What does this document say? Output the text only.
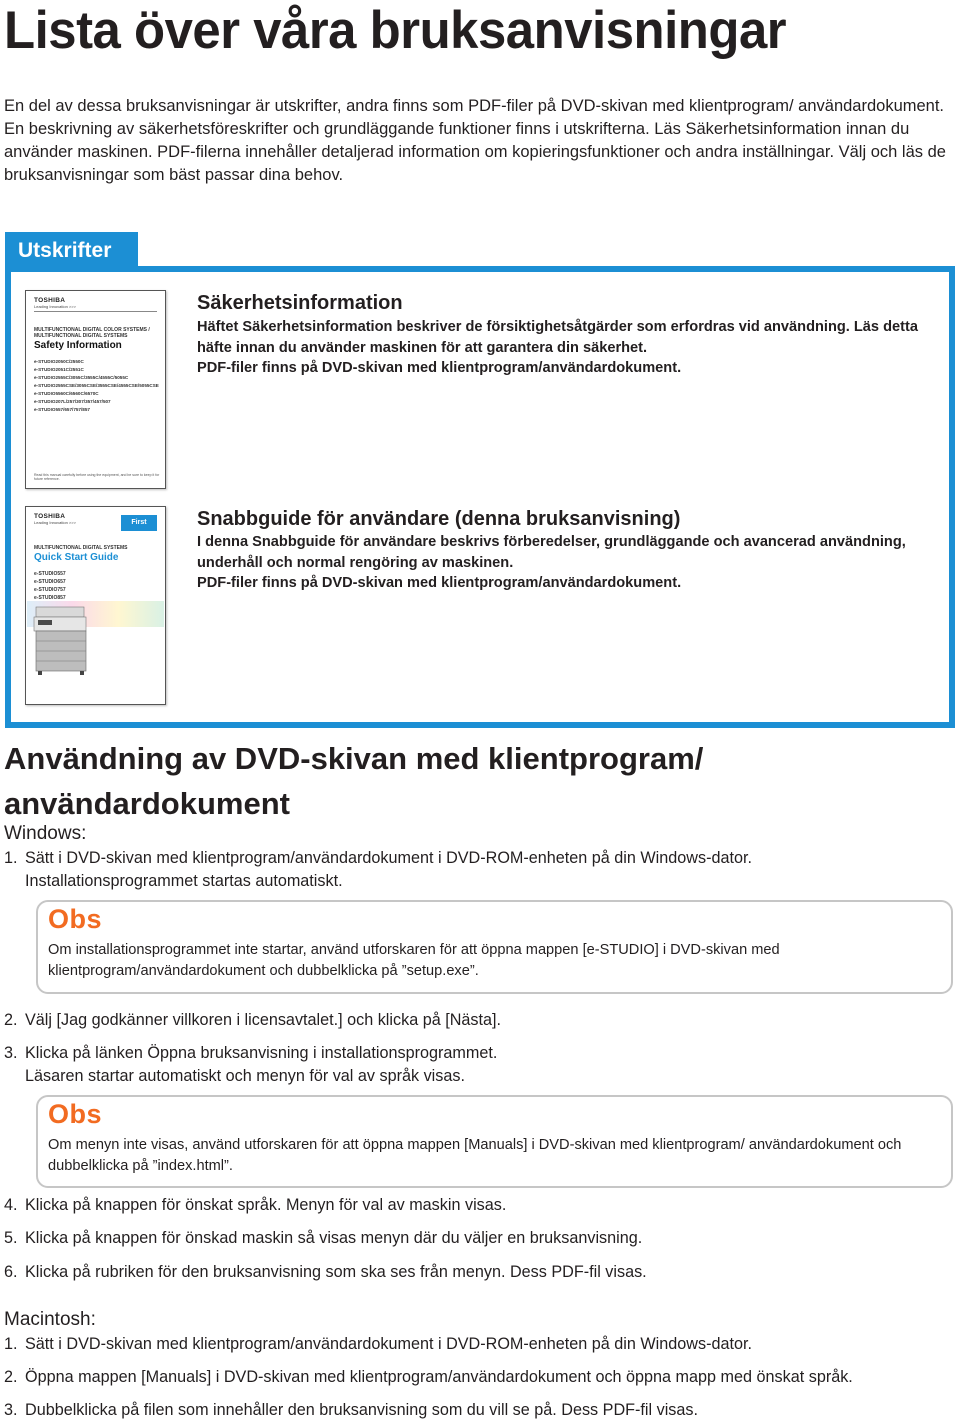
Lista över våra bruksanvisningar

En del av dessa bruksanvisningar är utskrifter, andra finns som PDF-filer på DVD-skivan med klientprogram/ användardokument.

En beskrivning av säkerhetsföreskrifter och grundläggande funktioner finns i utskrifterna. Läs Säkerhetsinformation innan du använder maskinen. PDF-filerna innehåller detaljerad information om kopieringsfunktioner och andra inställningar. Välj och läs de bruksanvisningar som bäst passar dina behov.

Utskrifter
TOSHIBA
Leading Innovation >>>
MULTIFUNCTIONAL DIGITAL COLOR SYSTEMS / MULTIFUNCTIONAL DIGITAL SYSTEMS
Safety Information
e-STUDIO2050C/2550C
e-STUDIO2051C/2551C
e-STUDIO2555C/3055C/3555C/4555C/5055C
e-STUDIO2555CSE/3055CSE/3555CSE/4555CSE/5055CSE
e-STUDIO5560C/6560C/6570C
e-STUDIO207L/257/307/357/457/507
e-STUDIO557/657/757/857
Read this manual carefully before using the equipment, and be sure to keep it for future reference.
Säkerhetsinformation

Häftet Säkerhetsinformation beskriver de försiktighetsåtgärder som erfordras vid användning. Läs detta häfte innan du använder maskinen för att garantera din säkerhet.

PDF-filer finns på DVD-skivan med klientprogram/användardokument.

TOSHIBA
Leading Innovation >>>	First
MULTIFUNCTIONAL DIGITAL SYSTEMS
Quick Start Guide
e-STUDIO557
e-STUDIO657
e-STUDIO757
e-STUDIO857
Snabbguide för användare (denna bruksanvisning)

I denna Snabbguide för användare beskrivs förberedelser, grundläggande och avancerad användning, underhåll och normal rengöring av maskinen.

PDF-filer finns på DVD-skivan med klientprogram/användardokument.

Användning av DVD-skivan med klientprogram/ användardokument
Windows:
1. Sätt i DVD-skivan med klientprogram/användardokument i DVD-ROM-enheten på din Windows-dator.
Installationsprogrammet startas automatiskt.
Obs
Om installationsprogrammet inte startar, använd utforskaren för att öppna mappen [e-STUDIO] i DVD-skivan med klientprogram/användardokument och dubbelklicka på ”setup.exe”.
2. Välj [Jag godkänner villkoren i licensavtalet.] och klicka på [Nästa].
3. Klicka på länken Öppna bruksanvisning i installationsprogrammet.
Läsaren startar automatiskt och menyn för val av språk visas.
Obs
Om menyn inte visas, använd utforskaren för att öppna mappen [Manuals] i DVD-skivan med klientprogram/ användardokument och dubbelklicka på ”index.html”.
4. Klicka på knappen för önskat språk. Menyn för val av maskin visas.
5. Klicka på knappen för önskad maskin så visas menyn där du väljer en bruksanvisning.
6. Klicka på rubriken för den bruksanvisning som ska ses från menyn. Dess PDF-fil visas.
Macintosh:
1. Sätt i DVD-skivan med klientprogram/användardokument i DVD-ROM-enheten på din Windows-dator.
2. Öppna mappen [Manuals] i DVD-skivan med klientprogram/användardokument och öppna mapp med önskat språk.
3. Dubbelklicka på filen som innehåller den bruksanvisning som du vill se på. Dess PDF-fil visas.
